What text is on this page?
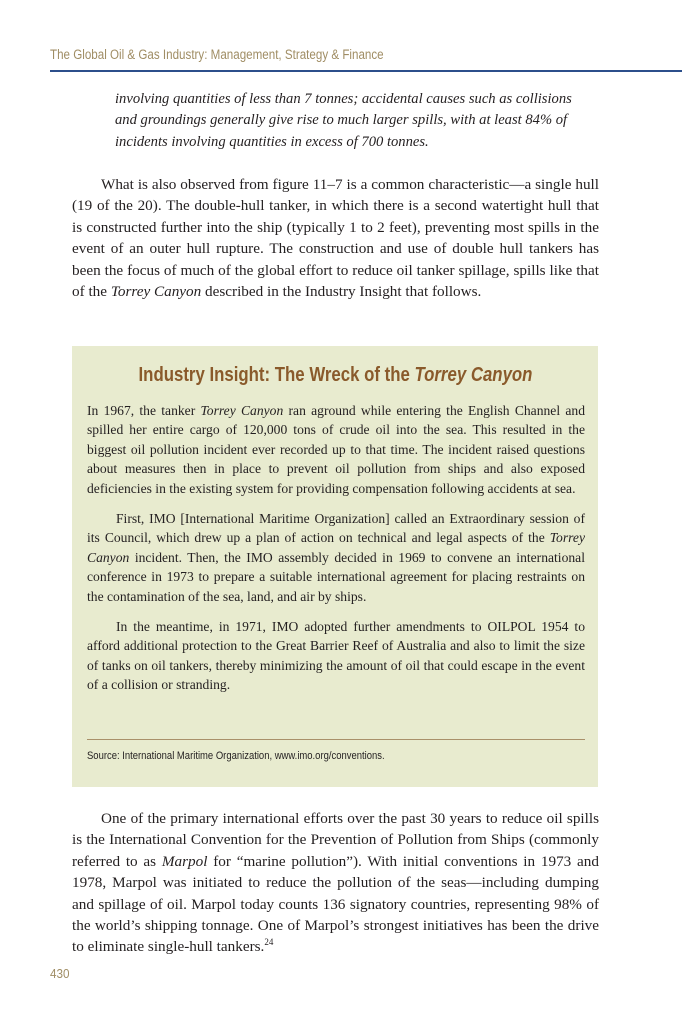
The Global Oil & Gas Industry: Management, Strategy & Finance

involving quantities of less than 7 tonnes; accidental causes such as collisions and groundings generally give rise to much larger spills, with at least 84% of incidents involving quantities in excess of 700 tonnes.

What is also observed from figure 11–7 is a common characteristic—a single hull (19 of the 20). The double-hull tanker, in which there is a second watertight hull that is constructed further into the ship (typically 1 to 2 feet), preventing most spills in the event of an outer hull rupture. The construction and use of double hull tankers has been the focus of much of the global effort to reduce oil tanker spillage, spills like that of the Torrey Canyon described in the Industry Insight that follows.

Industry Insight: The Wreck of the Torrey Canyon

In 1967, the tanker Torrey Canyon ran aground while entering the English Channel and spilled her entire cargo of 120,000 tons of crude oil into the sea. This resulted in the biggest oil pollution incident ever recorded up to that time. The incident raised questions about measures then in place to prevent oil pollution from ships and also exposed deficiencies in the existing system for providing compensation following accidents at sea.

First, IMO [International Maritime Organization] called an Extraordinary session of its Council, which drew up a plan of action on technical and legal aspects of the Torrey Canyon incident. Then, the IMO assembly decided in 1969 to convene an international conference in 1973 to prepare a suitable international agreement for placing restraints on the contamination of the sea, land, and air by ships.

In the meantime, in 1971, IMO adopted further amendments to OILPOL 1954 to afford additional protection to the Great Barrier Reef of Australia and also to limit the size of tanks on oil tankers, thereby minimizing the amount of oil that could escape in the event of a collision or stranding.

Source: International Maritime Organization, www.imo.org/conventions.

One of the primary international efforts over the past 30 years to reduce oil spills is the International Convention for the Prevention of Pollution from Ships (commonly referred to as Marpol for “marine pollution”). With initial conventions in 1973 and 1978, Marpol was initiated to reduce the pollution of the seas—including dumping and spillage of oil. Marpol today counts 136 signatory countries, representing 98% of the world’s shipping tonnage. One of Marpol’s strongest initiatives has been the drive to eliminate single-hull tankers.$^{24}$

430
